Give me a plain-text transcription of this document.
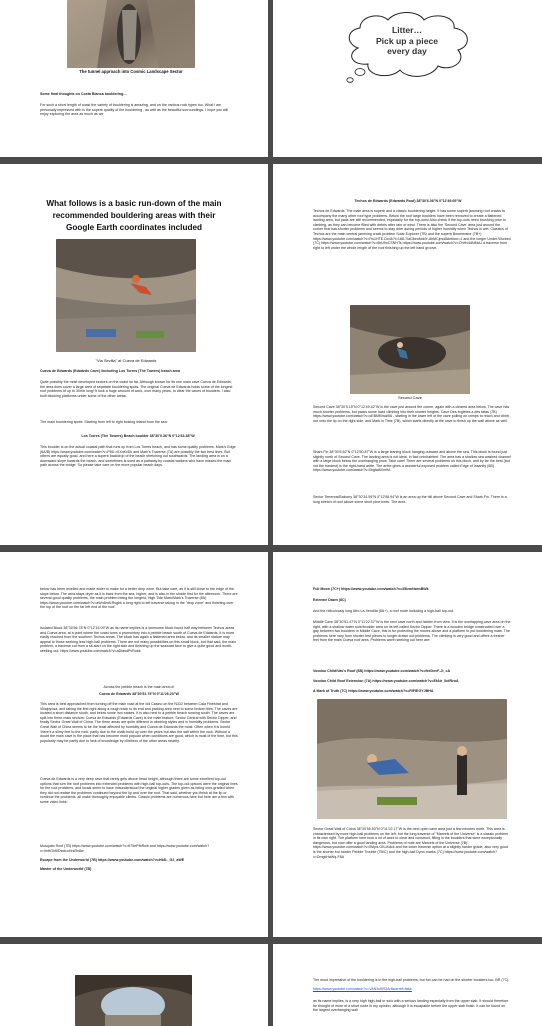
The tunnel approach into Cosmic Landscape Sector
Some final thoughts on Costa Blanca bouldering…
For such a short length of coast the variety of bouldering is amazing, and on the various rock types too. What I am personally impressed with is the superb quality of the bouldering , as well as the beautiful surroundings. I hope you will enjoy exploring the area as much as we
Litter…
Pick up a piece
every day
What follows is a basic run-down of the main
recommended bouldering areas with their
Google Earth coordinates included
"Via Sevilla" at Cueva de Edwards
Cueva de Edwards (Edwards Cave) /including Los Torres (The Towers) beach area
Quite possibly the most developed sectors on the coast so far. Although known for its one main cave Cueva de Edwards, the area does cover a large area of separate bouldering spots. The original Cueva de Edwards holds some of the longest roof problems of up to 30mtr long! It took a huge amount of work, over many years, to clear the caves of boulders. I also built blocking platforms under some of the other areas.
The main bouldering spots: Starting from left to right looking inland from the sea:
Los Torres (The Towers) Beach boulder 38°30'0.36"N 0°12'43.38"W
This boulder is on the actual coastal path that runs up from Los Torres beach, and has some quality problems. Mark's Edge (6A/B) https://www.youtube.com/watch?v=P8U-rXXnKxDk and Mark's Traverse (7A) are possibly the two best lines. But others are equally good, and here a superb backdrop of the beach stretching out southwards. The landing area is on a downward slope towards the beach, and sometimes is used as a pathway by coastal walkers who have missed the main path across the bridge. So please take care on the more popular beach days.
Techos de Edwards (Edwards Roof) 38°30'6.06"N 0°12'49.69"W
Techos de Edwards: The main area is superb and a classic bouldering height. It has some superb jamming roof cracks to accompany the many other roof type problems. Below the roof large boulders have been removed to create a flattened landing area, but pads are still recommended, especially for the top-outs! Also check if the top-outs need brushing prior to climbing, as they can become filled with debris after rain or wind. There is also the 'Second Cave' area just around the corner that has shorter problems and seems to stay drier during periods of higher humidity when Techos is wet. Classics of Techos are the main central jamming crack problem Solar Explorer (7B) and the superb Boomerator (7B+) https://www.youtube.com/watch?v=Fw1HTE-Dn4k?t=168-7IaGbeoNddY-AhMCjmoBAmbon=1 and the longer Under-Worked (7C) https://www.youtube.com/watch?v=6bU9oCSNHTs https://www.youtube.com/watch?v=OhHv4dNMcU a traverse from right to left under the whole length of the roof finishing up the left hand groove.
Second Cave
Second Cave 38°30'5.15"N 0°12'49.42"W is the cave just around the corner, again with a cleared area below. The cave has much shorter problems, but packs some hard climbing into their shorter heights. Cave Des érgiètes a des tatas (7B) https://www.youtube.com/watch?v=oEBMKIwa9lA - starting in the lower left of the cave pulling on crimps to reach and climb out onto the lip on the right side, and Mark in Time (7B), which starts directly at the cave to finish up the wall above as well.
Shark Fin 38°30'5.52"N 0°12'50.87"W is a large leaning block hanging outward and above the sea. This block is found just slightly north of Second Cave. The landing area is not ideal, in fact uninhabited. The area has a shallow sea washed channel with a large block below the overhanging prow. Take care! There are several problems on this block, and by far the best (but not the hardest) is the right-hand arête. The arête gives a wonderful exposed problem called Edge of Insanity (6B) https://www.youtube.com/watch?v=Ilkgtai8Xm9A
Sector Terrenos/Balcony 38°30'34.59"N 0°12'58.94"W is an area up the hill above Second Cave and Shark Fin. There is a long stretch of roof above some short pine trees. The area
below has been levelled and made wider to make for a better drop zone. But take care, as it is still close to the edge of the slope below. The area stays dryer as it is back from the sea, higher, and is also in the shade first for the afternoon. There are several good quality problems, the main problem being the longest, High Tide Mark/Mark's Traverse (8A) https://www.youtube.com/watch?v=aWn6mfLRsgbk a long right to left traverse taking in the "drop zone" and finishing over the top of the roof on the far left end of the roof.
Isolated Block 38°30'56.78"N 0°12'15.09"W as its name implies is a lonesome block found half way between Techos areas and Cueva area, at a point where the coast turns a promontory into a pebble beach south of Cueva de Edwards. It is more easily reached from the southern Techos areas. The block has again a flattened area below, and its smaller stature may appeal to those seeking less high-ball problems. There are not many possibilities on this small block, but that said, the main problem, a traverse cut from a sit-start on the right side and finishing up the seaward face to give a quite good and worth-seeking out. https://www.youtube.com/watch?v=aDfasdPvRubk
Across the pebble beach is the main area of:
Cueva de Edwards 38°30'51.75"N 0°11'26.23"W
This area is best approached from turning off the main road at the old Casino on the N332 between Cala Finestrat and Villajoyosa, and taking the first right along a rough track to its end and parking area next to some broken tiles. The caves are located a short distance south, and below some iron stakes. It is also next to a pebble beach running south. The caves are split into three main sectors: Cueva de Edwards (Edwards Cave) is the main feature, Sector Central with Sector Dipper, and finally Sector Great Wall of China. The three areas are quite different in climbing styles and in humidity problems. Sector Great Wall of China seems to be the least affected by humidity and Cueva de Edwards the most. Often when it is humid 'there's a slimy feel to the rock, partly due to the chalk build up over the years but also the salt within the rock. Without a doubt the main cave is the place that has become most popular when conditions are good, which is most of the time, but this popularity may be partly due to lack of knowledge by climbers of the other areas nearby.
Cueva de Edwards is a very deep cave that rarely gets above head height, although there are some excellent top-out options that turn the roof problems into extended problems with high-ball top-outs. The top-out options were the original lines for the roof problems, and locals seem to have misunderstood the original higher grades given as being over-graded when they did not realise the problems continued beyond the lip and over the roof. That said, whether you finish at the lip or continue the problems, all make thoroughly enjoyable climbs. Classic problems are numerous here but here are a few with some video links:
Mosquito Roof (7B) https://www.youtube.com/watch?v=tt75ePfbRwb and https://www.youtube.com/watch?v=lmHGkf0DsstcoHrsRn8w
Escape from the Underworld (7B) https://www.youtube.com/watch?v=HbD-_G2_aWE
Master of the Underworld (7B)
Full Moon (7C+) https://www.youtube.com/watch?v=35IzmNwmBWk
Extreme Dawn (8C)
And the ridiculously long Afro-La-Vendita (8A+), a roof route including a high-ball top-out.
Middle Cave 38°30'51.47"N 0°11'22.37"W is the next cave north and hidden from view. It is the overlapping cave area on the right, with a shallow water sole/boulder area on its left called Sector Dipper. There is a wooden bridge constructed over a gap between two boulders in Middle Cave, this is for protecting the moves above and a platform to put bouldering mats. The problems here vary from shorter test pieces to longer drawn out problems. The climbing is very good and offers a fresher feel from the main Cueva roof area. Problems worth seeking out here are:
Voodoo Child/Vas's Roof (6B) https://www.youtube.com/watch?v=feeDxvF-Ji_cA
Voodoo Child Roof Extension (7A) https://www.youtube.com/watch?v=EfAtr_lkdRzoA
A Mark of Truth (7C) https://www.youtube.com/watch?v=RlFIEGYJBHA
Sector Great Wall of China 38°30'55.53"N 0°11'22.17"W is the next open cave area just a few minutes north. This area is characterised by more high-ball problems on the left, but the long traverse of "Marvels of the Universe" is a classic problem in its own right. The platform here took a lot of work to clear and construct, filling in the boulders that were exceptionally dangerous, but now offer a good landing area. Problems of note are Marvels of the Universe (7B) https://www.youtube.com/watch?v=lWlpd-GKuXdck and the lower traverse option at a slightly harder grade, also very good is the shorter but harder Pebble Trouble (7B/C) and the high-ball Dyno-marks (7C) https://www.youtube.com/watch?v=DmgkHaWq-F8A
The most impressive of the bouldering is in the high-ball problems, but fun can be had on the shorter boulders too. BR (7C).
https://www.youtube.com/watch?v=VAN3cBR3Ar8sotrref=fake
as its name implies, is a very high high-ball or solo with a serious landing especially from the upper slab. It should therefore be thought of more of a short route in my opinion, although it is escapable before the upper slab finish. It can be found on the largest overhanging wall
